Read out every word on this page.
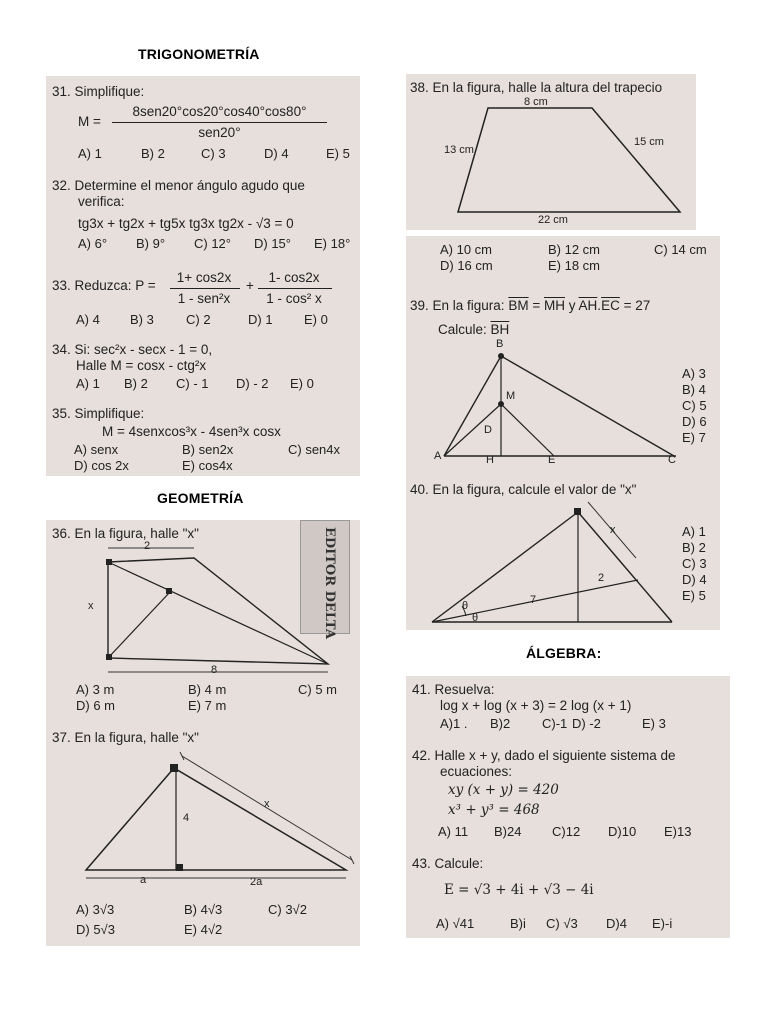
TRIGONOMETRÍA
GEOMETRÍA
ÁLGEBRA:
31. Simplifique:
M =
8sen20°cos20°cos40°cos80°
sen20°
A) 1	B) 2	C) 3	D) 4	E) 5
32. Determine el menor ángulo agudo que
verifica:
tg3x + tg2x + tg5x tg3x tg2x - √3 = 0
A) 6° B) 9° C) 12° D) 15° E) 18°
33. Reduzca: P =
1+ cos2x
1 - sen²x
+
1- cos2x
1 - cos² x
A) 4 B) 3 C) 2	D) 1 E) 0
34. Si: sec²x - secx - 1 = 0,
Halle M = cosx - ctg²x
A) 1 B) 2 C) - 1 D) - 2 E) 0
35. Simplifique:
M = 4senxcos³x - 4sen³x cosx
A) senx	B) sen2x	C) sen4x
D) cos 2x	E) cos4x
36. En la figura, halle "x"
2
x
8
EDITOR DELTA
A) 3 m	B) 4 m	C) 5 m
D) 6 m	E) 7 m
37. En la figura, halle "x"
4
x
a	2a
A) 3√3	B) 4√3	C) 3√2
D) 5√3	E) 4√2
38. En la figura, halle la altura del trapecio
8 cm
13 cm
15 cm
22 cm
A) 10 cm	B) 12 cm	C) 14 cm
D) 16 cm	E) 18 cm
39. En la figura: $\overline{BM} = \overline{MH}$ y $\overline{AH}.\overline{EC} = 27$
Calcule: $\overline{BH}$
B
M
D
A	H	E	C
A) 3
B) 4
C) 5
D) 6
E) 7
40. En la figura, calcule el valor de "x"
x
2
7
θ
θ
A) 1
B) 2
C) 3
D) 4
E) 5
41. Resuelva:
log x + log (x + 3) = 2 log (x + 1)
A)1 . B)2 C)-1 D) -2	E) 3
42. Halle x + y, dado el siguiente sistema de
ecuaciones:
xy (x + y) = 420
x³ + y³ = 468
A) 11 B)24 C)12 D)10 E)13
43. Calcule:
E = √3 + 4i + √3 − 4i
A) √41	B)i C) √3 D)4 E)-i
